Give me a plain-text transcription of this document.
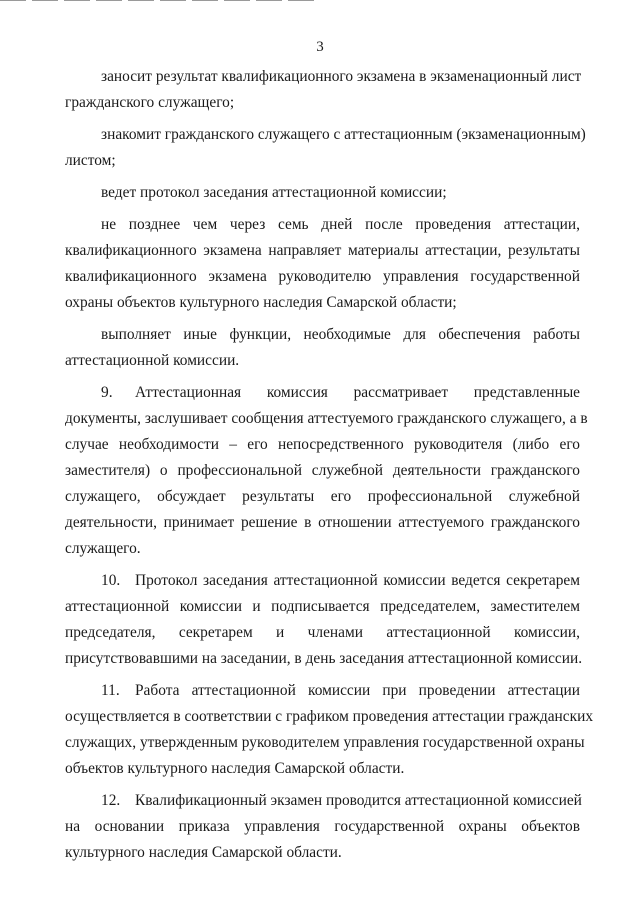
3
заносит результат квалификационного экзамена в экзаменационный лист
гражданского служащего;
знакомит гражданского служащего с аттестационным (экзаменационным)
листом;
ведет протокол заседания аттестационной комиссии;
не позднее чем через семь дней после проведения аттестации,
квалификационного экзамена направляет материалы аттестации, результаты
квалификационного экзамена руководителю управления государственной
охраны объектов культурного наследия Самарской области;
выполняет иные функции, необходимые для обеспечения работы
аттестационной комиссии.
9. Аттестационная комиссия рассматривает представленные
документы, заслушивает сообщения аттестуемого гражданского служащего, а в
случае необходимости – его непосредственного руководителя (либо его
заместителя) о профессиональной служебной деятельности гражданского
служащего, обсуждает результаты его профессиональной служебной
деятельности, принимает решение в отношении аттестуемого гражданского
служащего.
10. Протокол заседания аттестационной комиссии ведется секретарем
аттестационной комиссии и подписывается председателем, заместителем
председателя, секретарем и членами аттестационной комиссии,
присутствовавшими на заседании, в день заседания аттестационной комиссии.
11. Работа аттестационной комиссии при проведении аттестации
осуществляется в соответствии с графиком проведения аттестации гражданских
служащих, утвержденным руководителем управления государственной охраны
объектов культурного наследия Самарской области.
12. Квалификационный экзамен проводится аттестационной комиссией
на основании приказа управления государственной охраны объектов
культурного наследия Самарской области.
